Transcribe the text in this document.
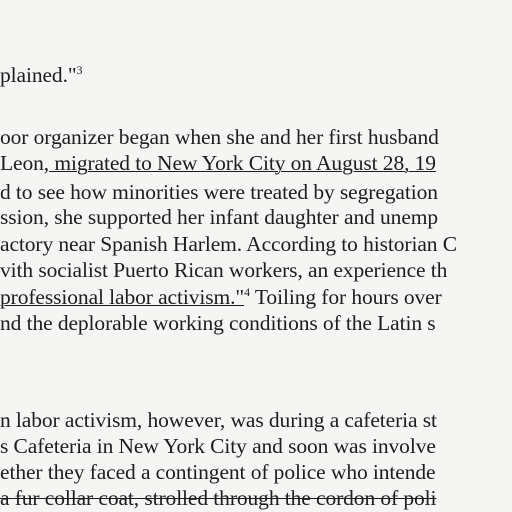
plained."$^3$
oor organizer began when she and her first husband
Leon, migrated to New York City on August 28, 19
d to see how minorities were treated by segregation
ssion, she supported her infant daughter and unemp
actory near Spanish Harlem. According to historian C
vith socialist Puerto Rican workers, an experience th
professional labor activism."$^4$ Toiling for hours over
nd the deplorable working conditions of the Latin s
n labor activism, however, was during a cafeteria st
s Cafeteria in New York City and soon was involve
ether they faced a contingent of police who intende
a fur collar coat, strolled through the cordon of poli
